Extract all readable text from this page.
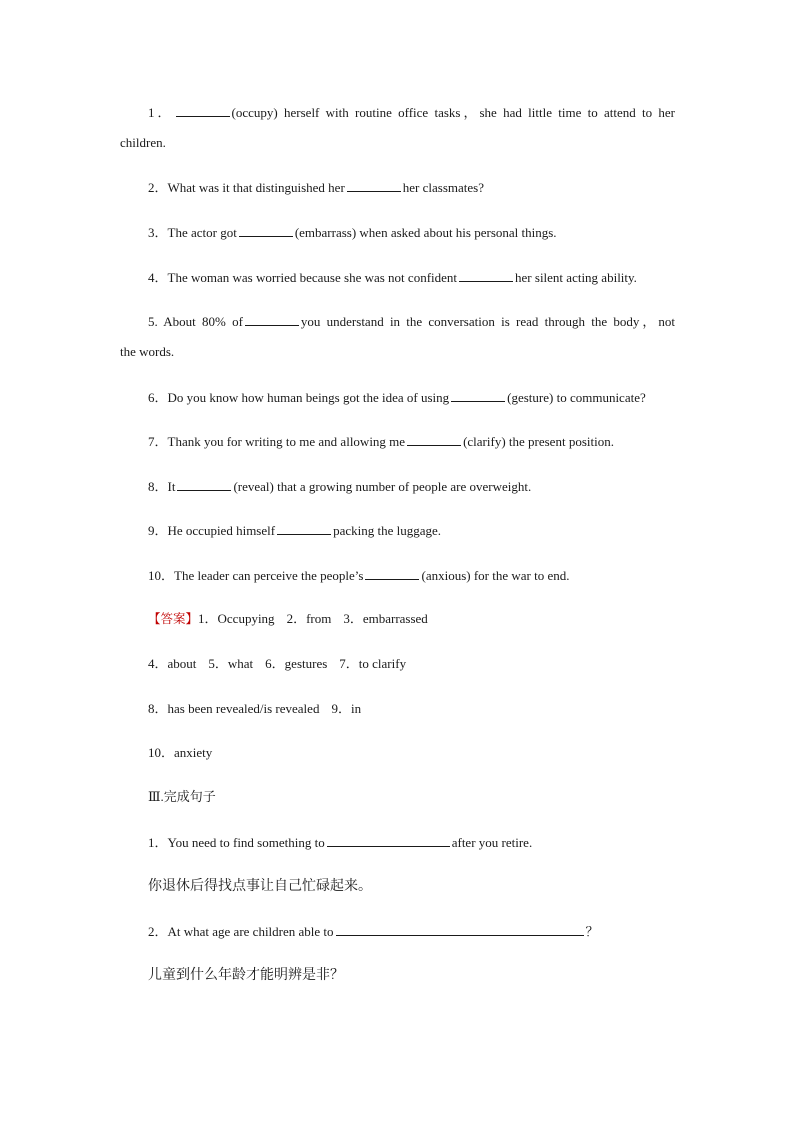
1．	(occupy) herself with routine office tasks，she had little time to attend to her
children.
2．What was it that distinguished her	her classmates?
3．The actor got	(embarrass) when asked about his personal things.
4．The woman was worried because she was not confident	her silent acting ability.
5. About 80% of	you understand in the conversation is read through the body，not
the words.
6．Do you know how human beings got the idea of using	(gesture) to communicate?
7．Thank you for writing to me and allowing me	(clarify) the present position.
8．It	(reveal) that a growing number of people are overweight.
9．He occupied himself	packing the luggage.
10．The leader can perceive the people’s	(anxious) for the war to end.
【答案】1．Occupying 2．from 3．embarrassed
4．about 5．what 6．gestures 7．to clarify
8．has been revealed/is revealed 9．in
10．anxiety
Ⅲ.完成句子
1．You need to find something to	after you retire.
你退休后得找点事让自己忙碌起来。
2．At what age are children able to	？
儿童到什么年龄才能明辨是非？
